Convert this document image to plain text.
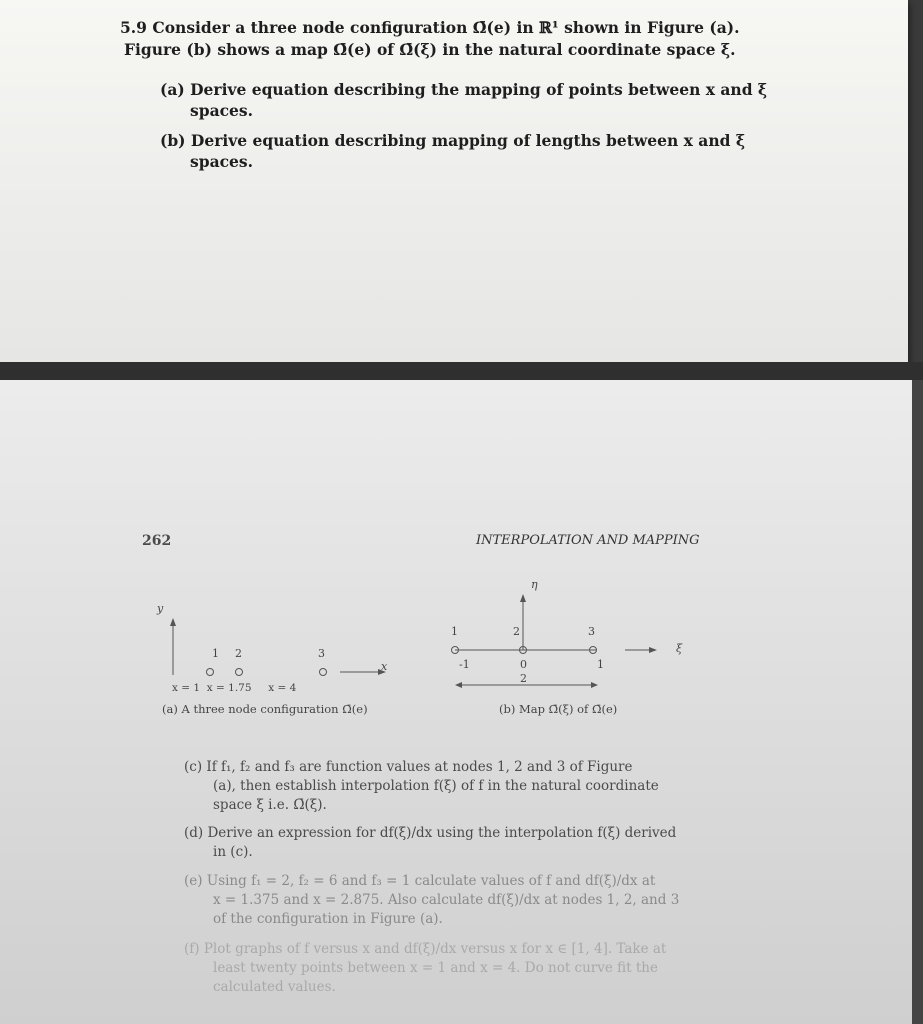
5.9 Consider a three node configuration Ω̄(e) in ℝ¹ shown in Figure (a).
Figure (b) shows a map Ω̄(e) of Ω̄(ξ) in the natural coordinate space ξ.
(a) Derive equation describing the mapping of points between x and ξ
spaces.
(b) Derive equation describing mapping of lengths between x and ξ
spaces.
262	INTERPOLATION AND MAPPING
y
x
1 2	3
x = 1  x = 1.75     x = 4
(a) A three node configuration Ω̄(e)
η
ξ
1	2	3
-1	0	1
2
(b) Map Ω̄(ξ) of Ω̄(e)
(c) If f₁, f₂ and f₃ are function values at nodes 1, 2 and 3 of Figure
(a), then establish interpolation f(ξ) of f in the natural coordinate
space ξ i.e. Ω̄(ξ).
(d) Derive an expression for df(ξ)/dx using the interpolation f(ξ) derived
in (c).
(e) Using f₁ = 2, f₂ = 6 and f₃ = 1 calculate values of f and df(ξ)/dx at
x = 1.375 and x = 2.875. Also calculate df(ξ)/dx at nodes 1, 2, and 3
of the configuration in Figure (a).
(f) Plot graphs of f versus x and df(ξ)/dx versus x for x ∈ [1, 4]. Take at
least twenty points between x = 1 and x = 4. Do not curve fit the
calculated values.
